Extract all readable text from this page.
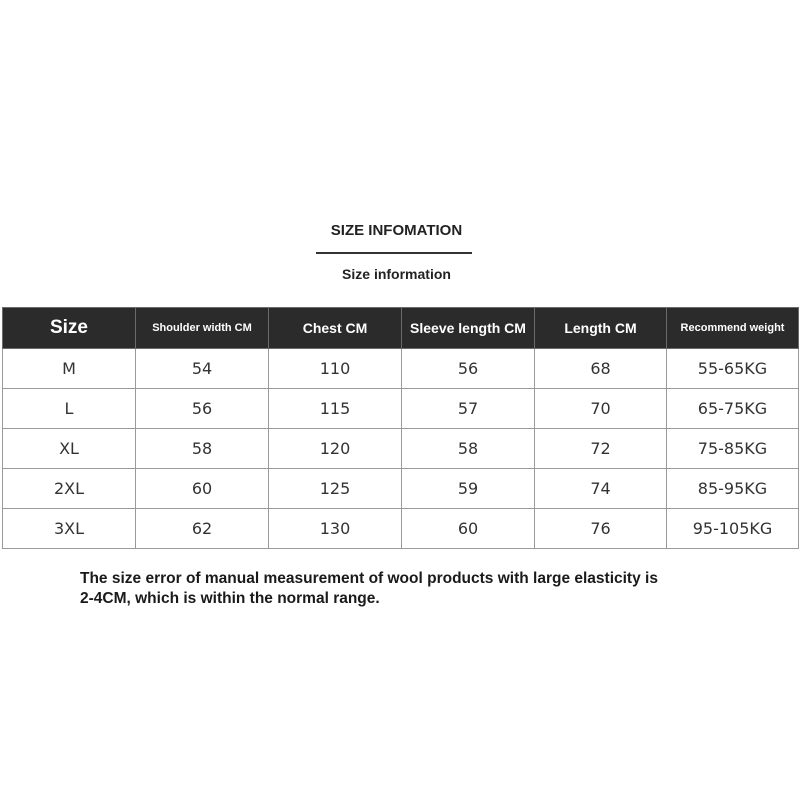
SIZE INFOMATION
Size information
Size	Shoulder width CM	Chest CM	Sleeve length CM	Length CM	Recommend weight
M	54	110	56	68	55-65KG
L	56	115	57	70	65-75KG
XL	58	120	58	72	75-85KG
2XL	60	125	59	74	85-95KG
3XL	62	130	60	76	95-105KG
The size error of manual measurement of wool products with large elasticity is
2-4CM, which is within the normal range.
